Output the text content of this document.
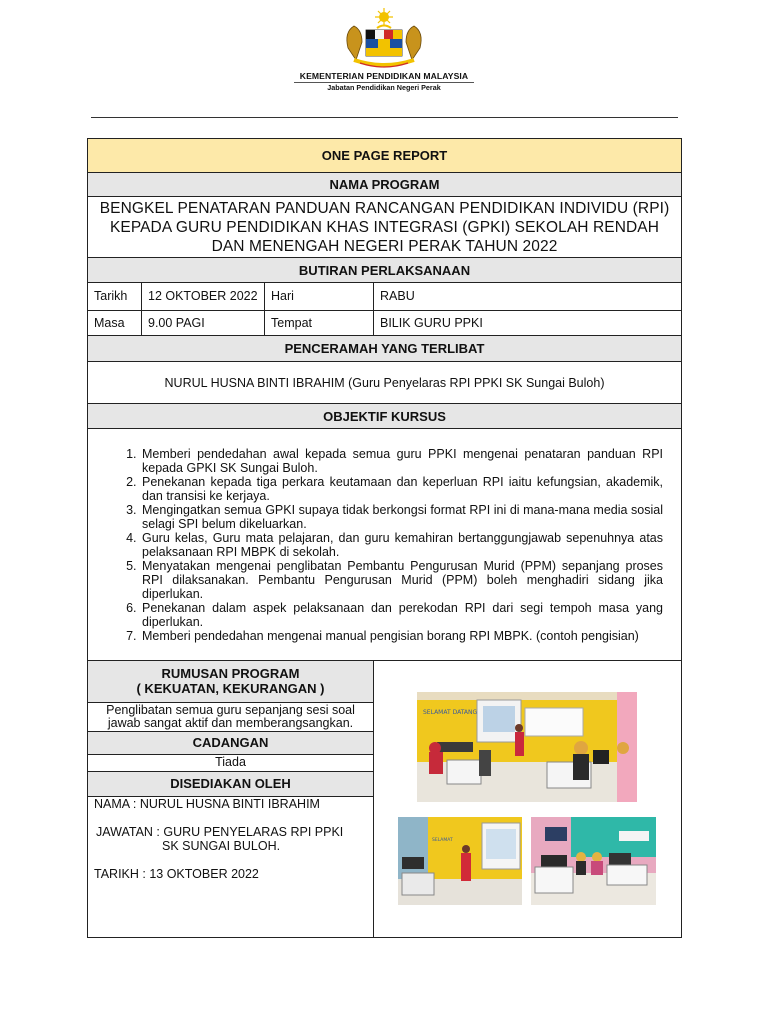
KEMENTERIAN PENDIDIKAN MALAYSIA
Jabatan Pendidikan Negeri Perak
ONE PAGE REPORT
NAMA PROGRAM
BENGKEL PENATARAN PANDUAN RANCANGAN PENDIDIKAN INDIVIDU (RPI) KEPADA GURU PENDIDIKAN KHAS INTEGRASI (GPKI) SEKOLAH RENDAH DAN MENENGAH NEGERI PERAK TAHUN 2022
BUTIRAN PERLAKSANAAN
Tarikh	12 OKTOBER 2022	Hari	RABU
Masa	9.00 PAGI	Tempat	BILIK GURU PPKI
PENCERAMAH YANG TERLIBAT
NURUL HUSNA BINTI IBRAHIM (Guru Penyelaras RPI PPKI SK Sungai Buloh)
OBJEKTIF KURSUS

1. Memberi pendedahan awal kepada semua guru PPKI mengenai penataran panduan RPI kepada GPKI SK Sungai Buloh.
2. Penekanan kepada tiga perkara keutamaan dan keperluan RPI iaitu kefungsian, akademik, dan transisi ke kerjaya.
3. Mengingatkan semua GPKI supaya tidak berkongsi format RPI ini di mana-mana media sosial selagi SPI belum dikeluarkan.
4. Guru kelas, Guru mata pelajaran, dan guru kemahiran bertanggungjawab sepenuhnya atas pelaksanaan RPI MBPK di sekolah.
5. Menyatakan mengenai penglibatan Pembantu Pengurusan Murid (PPM) sepanjang proses RPI dilaksanakan. Pembantu Pengurusan Murid (PPM) boleh menghadiri sidang jika diperlukan.
6. Penekanan dalam aspek pelaksanaan dan perekodan RPI dari segi tempoh masa yang diperlukan.
7. Memberi pendedahan mengenai manual pengisian borang RPI MBPK. (contoh pengisian)

RUMUSAN PROGRAM
( KEKUATAN, KEKURANGAN )

Penglibatan semua guru sepanjang sesi soal jawab sangat aktif dan memberangsangkan.
CADANGAN
Tiada
DISEDIAKAN OLEH

NAMA : NURUL HUSNA BINTI IBRAHIM

JAWATAN : GURU PENYELARAS RPI PPKI

SK SUNGAI BULOH.

TARIKH : 13 OKTOBER 2022

SELAMAT DATANG
SELAMAT
